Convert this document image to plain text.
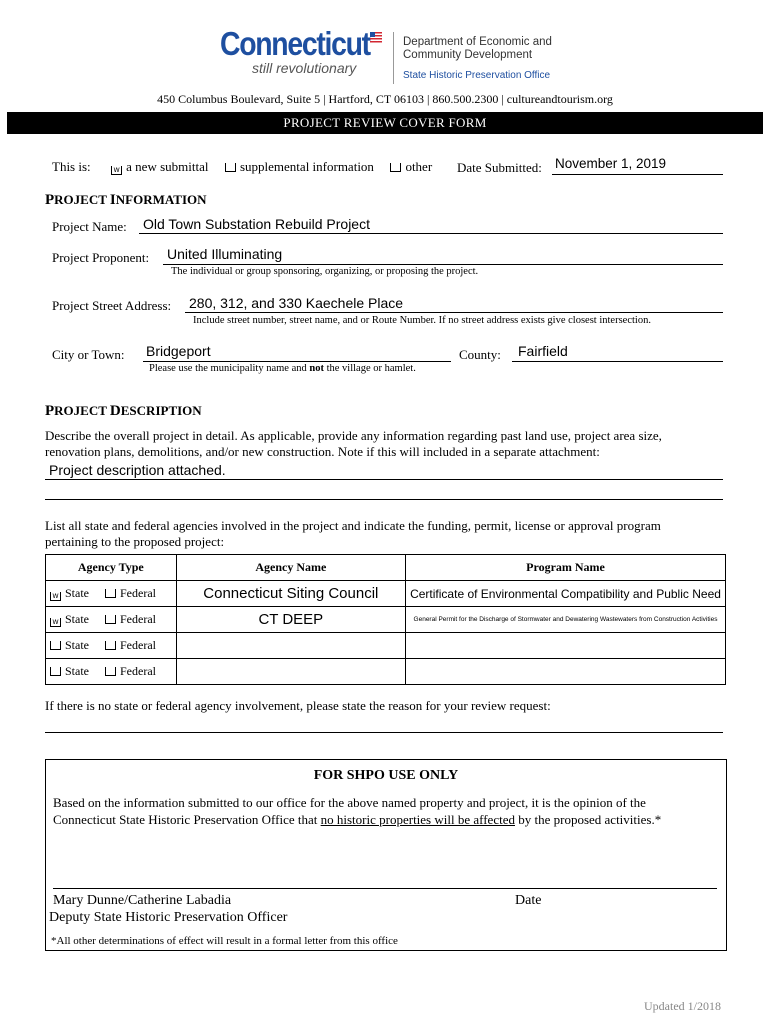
Connecticut
still revolutionary
Department of Economic and
Community Development
State Historic Preservation Office
450 Columbus Boulevard, Suite 5 | Hartford, CT 06103 | 860.500.2300 | cultureandtourism.org
PROJECT REVIEW COVER FORM
This is:	w a new submittal supplemental information other Date Submitted: November 1, 2019
PROJECT INFORMATION
Project Name: Old Town Substation Rebuild Project
Project Proponent: United Illuminating
The individual or group sponsoring, organizing, or proposing the project.
Project Street Address: 280, 312, and 330 Kaechele Place
Include street number, street name, and or Route Number. If no street address exists give closest intersection.
City or Town: Bridgeport
Please use the municipality name and not the village or hamlet.
County: Fairfield
PROJECT DESCRIPTION
Describe the overall project in detail. As applicable, provide any information regarding past land use, project area size,
renovation plans, demolitions, and/or new construction. Note if this will included in a separate attachment:
Project description attached.
List all state and federal agencies involved in the project and indicate the funding, permit, license or approval program
pertaining to the proposed project:
Agency Type	Agency Name	Program Name
w State Federal	Connecticut Siting Council	Certificate of Environmental Compatibility and Public Need
w State Federal	CT DEEP	General Permit for the Discharge of Stormwater and Dewatering Wastewaters from Construction Activities
State Federal		
State Federal		
If there is no state or federal agency involvement, please state the reason for your review request:
FOR SHPO USE ONLY
Based on the information submitted to our office for the above named property and project, it is the opinion of the
Connecticut State Historic Preservation Office that no historic properties will be affected by the proposed activities.*
Mary Dunne/Catherine Labadia
Deputy State Historic Preservation Officer
Date
*All other determinations of effect will result in a formal letter from this office
Updated 1/2018
